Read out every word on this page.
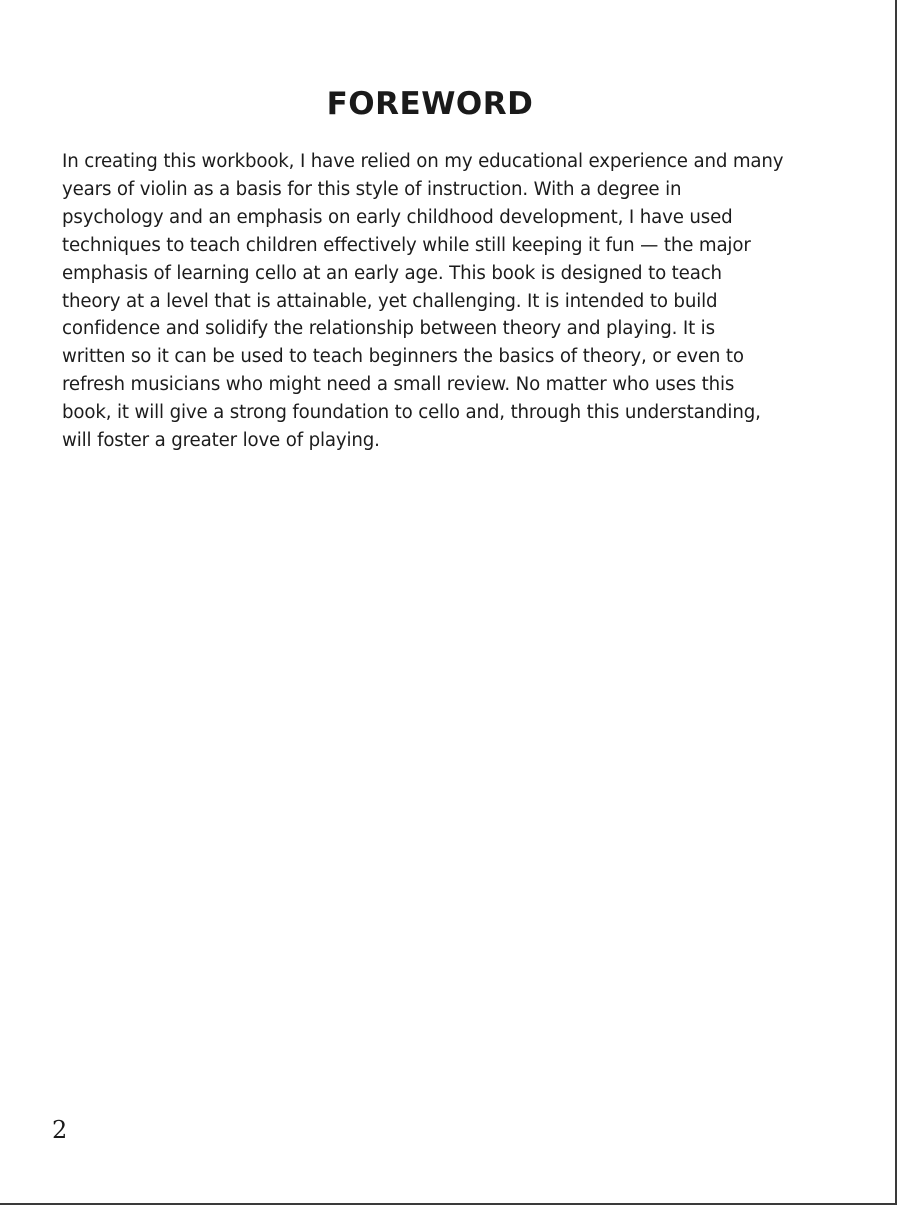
FOREWORD

In creating this workbook, I have relied on my educational experience and many
years of violin as a basis for this style of instruction. With a degree in
psychology and an emphasis on early childhood development, I have used
techniques to teach children effectively while still keeping it fun — the major
emphasis of learning cello at an early age. This book is designed to teach
theory at a level that is attainable, yet challenging. It is intended to build
confidence and solidify the relationship between theory and playing. It is
written so it can be used to teach beginners the basics of theory, or even to
refresh musicians who might need a small review. No matter who uses this
book, it will give a strong foundation to cello and, through this understanding,
will foster a greater love of playing.

2
